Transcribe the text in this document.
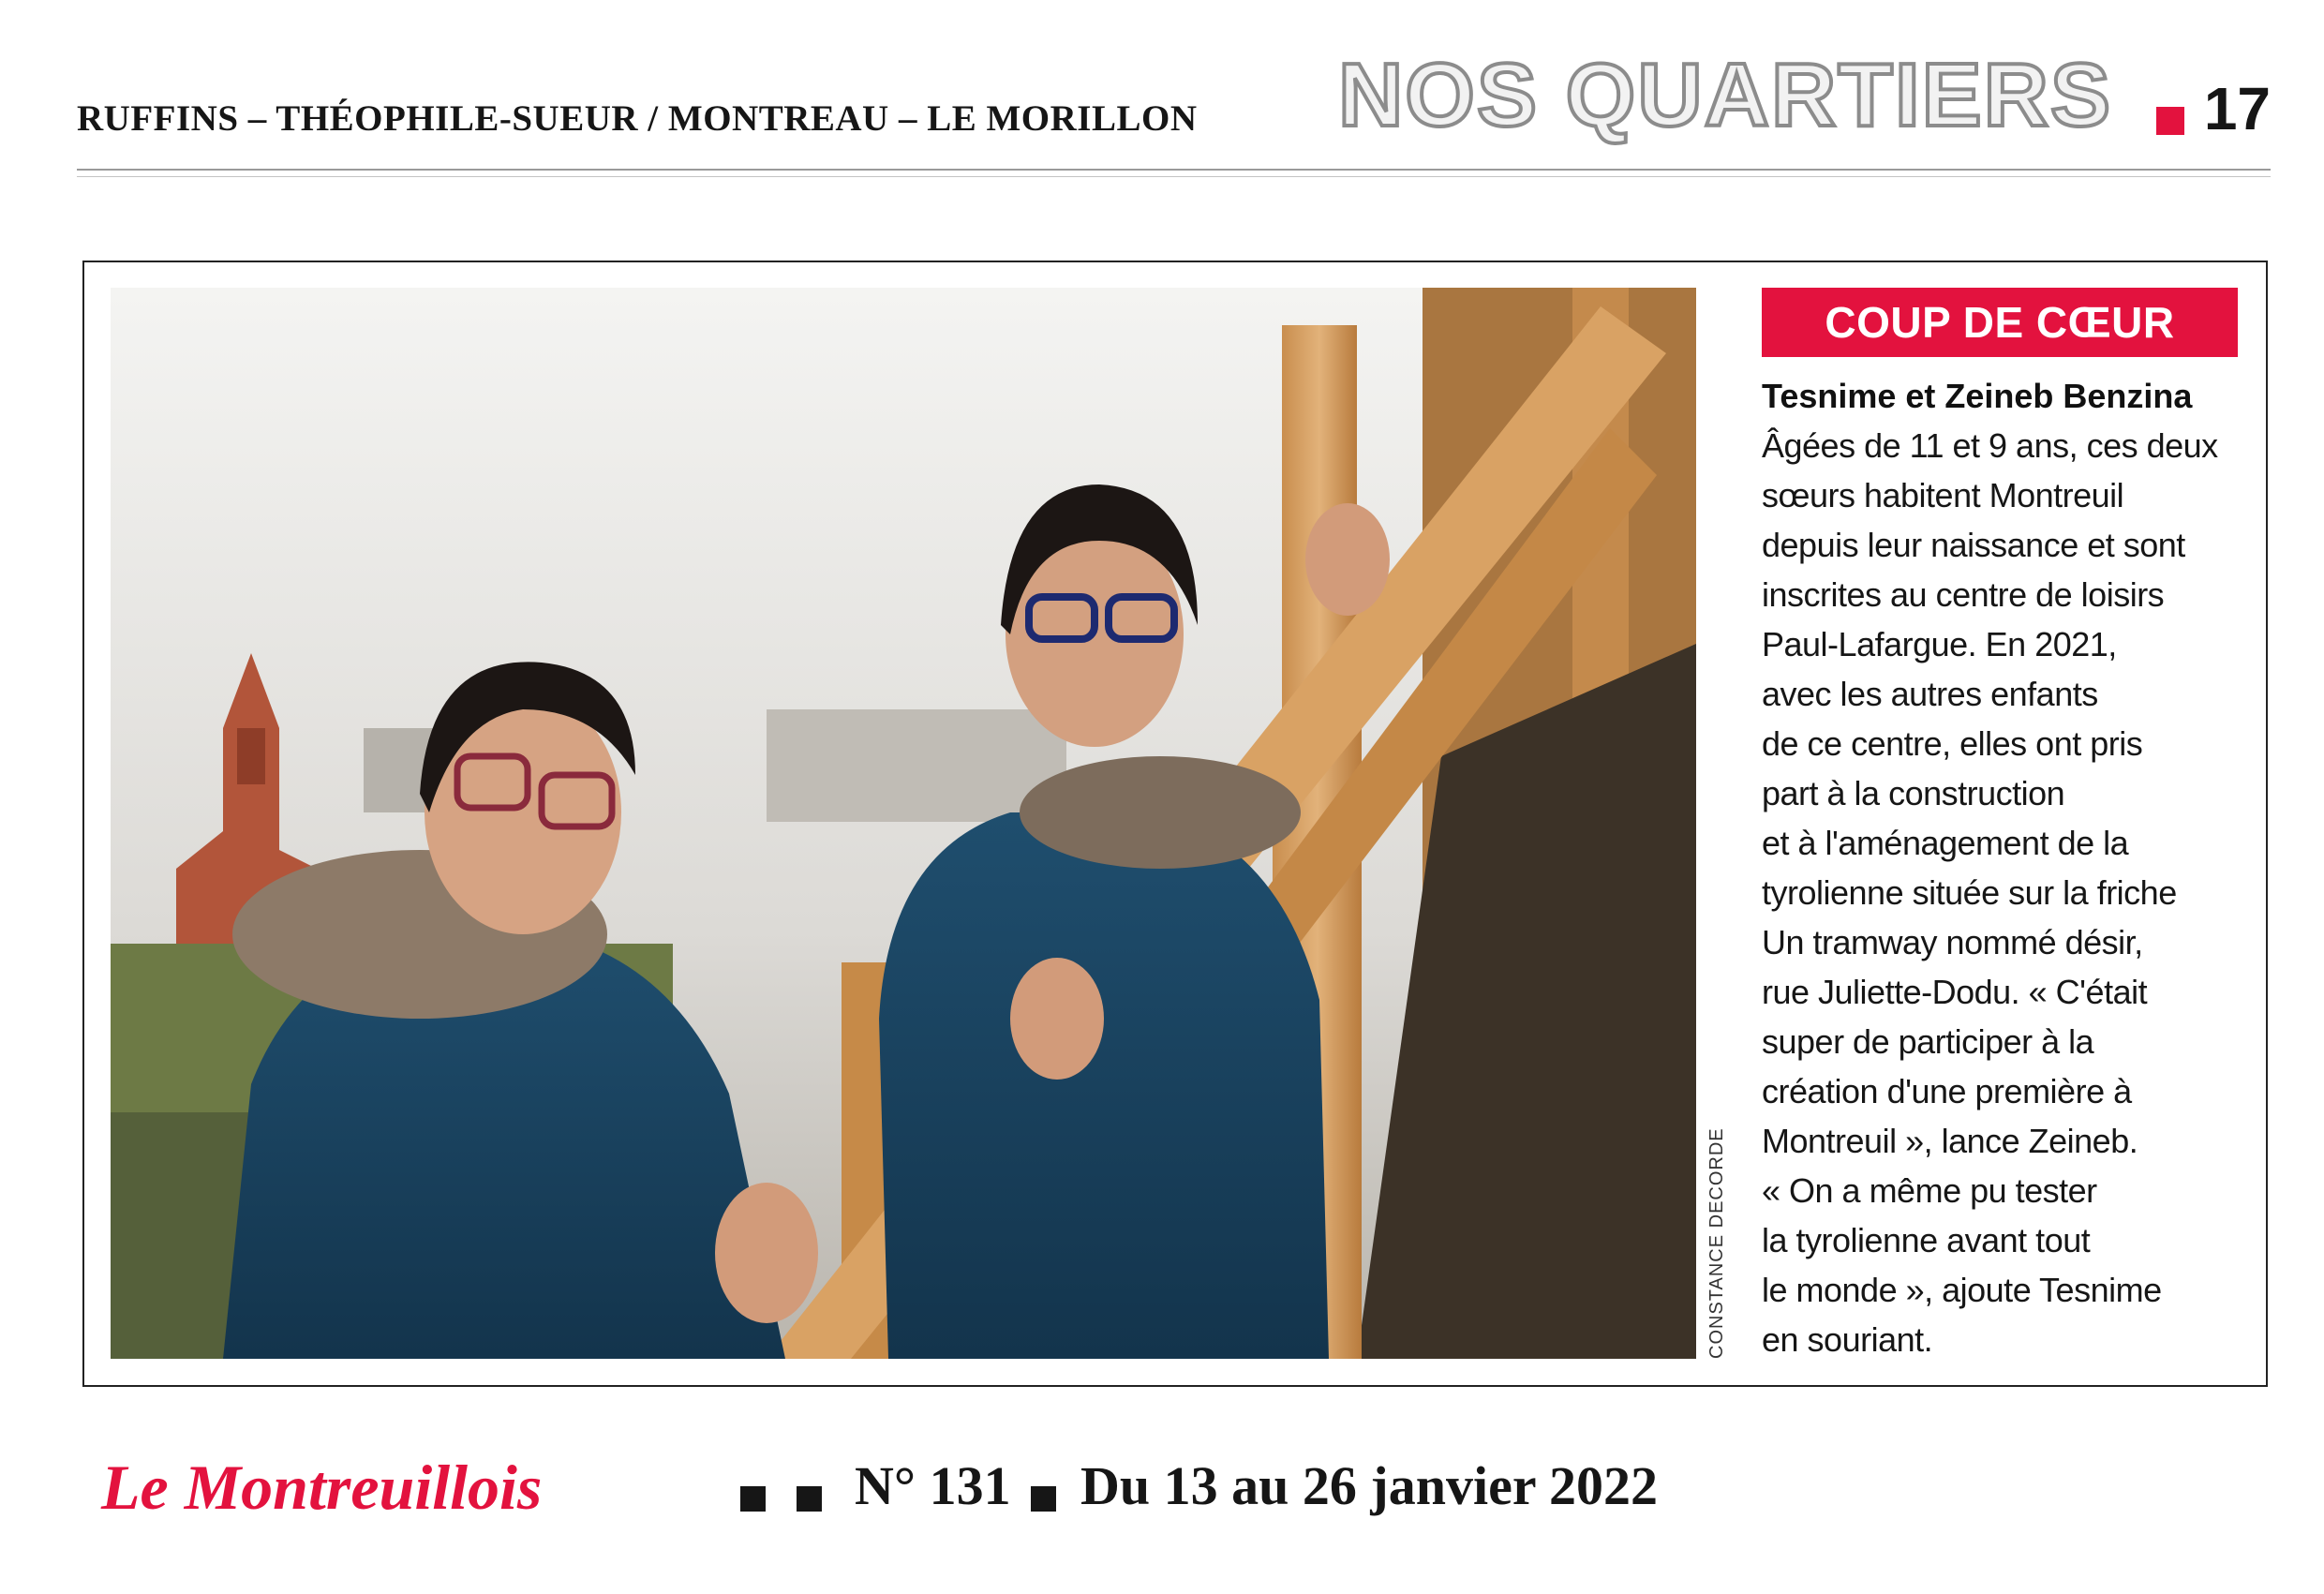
RUFFINS – THÉOPHILE-SUEUR / MONTREAU – LE MORILLON NOS QUARTIERS 17
CONSTANCE DECORDE
COUP DE CŒUR
Tesnime et Zeineb Benzina
Âgées de 11 et 9 ans, ces deux
sœurs habitent Montreuil
depuis leur naissance et sont
inscrites au centre de loisirs
Paul-Lafargue. En 2021,
avec les autres enfants
de ce centre, elles ont pris
part à la construction
et à l'aménagement de la
tyrolienne située sur la friche
Un tramway nommé désir,
rue Juliette-Dodu. « C'était
super de participer à la
création d'une première à
Montreuil », lance Zeineb.
« On a même pu tester
la tyrolienne avant tout
le monde », ajoute Tesnime
en souriant.
Le Montreuillois	N° 131 Du 13 au 26 janvier 2022
